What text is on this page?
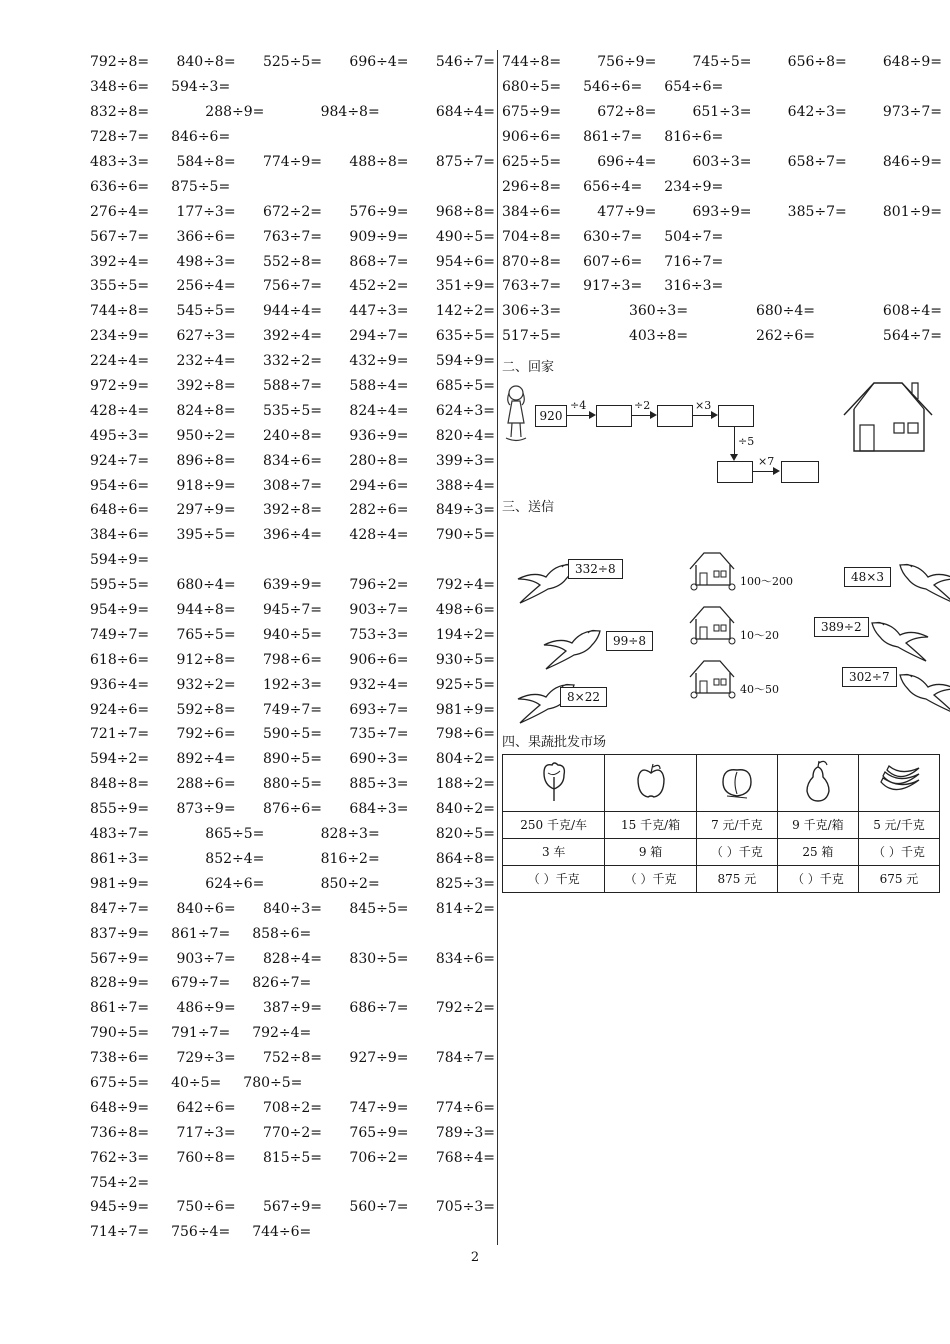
792÷8= 840÷8= 525÷5= 696÷4= 546÷7=
348÷6= 594÷3=
832÷8=	288÷9=	984÷8=	684÷4=
728÷7= 846÷6=
483÷3= 584÷8= 774÷9= 488÷8= 875÷7=
636÷6= 875÷5=
276÷4= 177÷3= 672÷2= 576÷9= 968÷8=
567÷7= 366÷6= 763÷7= 909÷9= 490÷5=
392÷4= 498÷3= 552÷8= 868÷7= 954÷6=
355÷5= 256÷4= 756÷7= 452÷2= 351÷9=
744÷8= 545÷5= 944÷4= 447÷3= 142÷2=
234÷9= 627÷3= 392÷4= 294÷7= 635÷5=
224÷4= 232÷4= 332÷2= 432÷9= 594÷9=
972÷9= 392÷8= 588÷7= 588÷4= 685÷5=
428÷4= 824÷8= 535÷5= 824÷4= 624÷3=
495÷3= 950÷2= 240÷8= 936÷9= 820÷4=
924÷7= 896÷8= 834÷6= 280÷8= 399÷3=
954÷6= 918÷9= 308÷7= 294÷6= 388÷4=
648÷6= 297÷9= 392÷8= 282÷6= 849÷3=
384÷6= 395÷5= 396÷4= 428÷4= 790÷5=
594÷9=
595÷5= 680÷4= 639÷9= 796÷2= 792÷4=
954÷9= 944÷8= 945÷7= 903÷7= 498÷6=
749÷7= 765÷5= 940÷5= 753÷3= 194÷2=
618÷6= 912÷8= 798÷6= 906÷6= 930÷5=
936÷4= 932÷2= 192÷3= 932÷4= 925÷5=
924÷6= 592÷8= 749÷7= 693÷7= 981÷9=
721÷7= 792÷6= 590÷5= 735÷7= 798÷6=
594÷2= 892÷4= 890÷5= 690÷3= 804÷2=
848÷8= 288÷6= 880÷5= 885÷3= 188÷2=
855÷9= 873÷9= 876÷6= 684÷3= 840÷2=
483÷7=	865÷5=	828÷3=	820÷5=
861÷3=	852÷4=	816÷2=	864÷8=
981÷9=	624÷6=	850÷2=	825÷3=
847÷7= 840÷6= 840÷3= 845÷5= 814÷2=
837÷9= 861÷7= 858÷6=
567÷9= 903÷7= 828÷4= 830÷5= 834÷6=
828÷9= 679÷7= 826÷7=
861÷7= 486÷9= 387÷9= 686÷7= 792÷2=
790÷5= 791÷7= 792÷4=
738÷6= 729÷3= 752÷8= 927÷9= 784÷7=
675÷5= 40÷5= 780÷5=
648÷9= 642÷6= 708÷2= 747÷9= 774÷6=
736÷8= 717÷3= 770÷2= 765÷9= 789÷3=
762÷3= 760÷8= 815÷5= 706÷2= 768÷4=
754÷2=
945÷9= 750÷6= 567÷9= 560÷7= 705÷3=
714÷7= 756÷4= 744÷6=
744÷8=	756÷9=	745÷5=	656÷8=	648÷9=
680÷5= 546÷6= 654÷6=
675÷9=	672÷8=	651÷3=	642÷3=	973÷7=
906÷6= 861÷7= 816÷6=
625÷5=	696÷4=	603÷3=	658÷7=	846÷9=
296÷8= 656÷4= 234÷9=
384÷6=	477÷9=	693÷9=	385÷7=	801÷9=
704÷8= 630÷7= 504÷7=
870÷8= 607÷6= 716÷7=
763÷7= 917÷3= 316÷3=
306÷3=	360÷3=	680÷4=	608÷4=
517÷5=	403÷8=	262÷6=	564÷7=
二、回家
920
÷4	÷2	×3
÷5
×7
三、送信
332÷8
99÷8
8×22
48×3
389÷2
302÷7
100～200
10～20
40～50
四、果蔬批发市场

250 千克/车	15 千克/箱	7 元/千克	9 千克/箱	5 元/千克
3 车	9 箱	（ ）千克	25 箱	（ ）千克
（ ）千克	（ ）千克	875 元	（ ）千克	675 元
2
